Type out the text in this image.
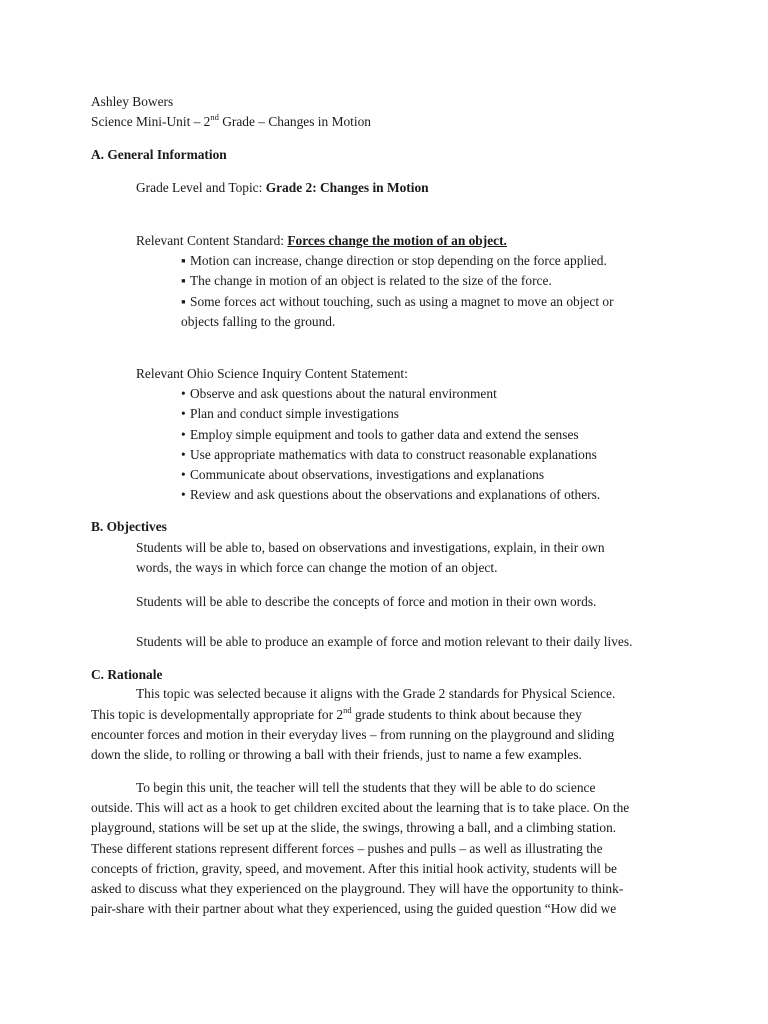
Ashley Bowers
Science Mini-Unit – 2nd Grade – Changes in Motion
A. General Information
Grade Level and Topic: Grade 2: Changes in Motion
Relevant Content Standard: Forces change the motion of an object.
▪ Motion can increase, change direction or stop depending on the force applied.
▪ The change in motion of an object is related to the size of the force.
▪ Some forces act without touching, such as using a magnet to move an object or
objects falling to the ground.
Relevant Ohio Science Inquiry Content Statement:
• Observe and ask questions about the natural environment
• Plan and conduct simple investigations
• Employ simple equipment and tools to gather data and extend the senses
• Use appropriate mathematics with data to construct reasonable explanations
• Communicate about observations, investigations and explanations
• Review and ask questions about the observations and explanations of others.
B. Objectives
Students will be able to, based on observations and investigations, explain, in their own
words, the ways in which force can change the motion of an object.
Students will be able to describe the concepts of force and motion in their own words.
Students will be able to produce an example of force and motion relevant to their daily lives.
C. Rationale
This topic was selected because it aligns with the Grade 2 standards for Physical Science.
This topic is developmentally appropriate for 2nd grade students to think about because they
encounter forces and motion in their everyday lives – from running on the playground and sliding
down the slide, to rolling or throwing a ball with their friends, just to name a few examples.
To begin this unit, the teacher will tell the students that they will be able to do science
outside. This will act as a hook to get children excited about the learning that is to take place. On the
playground, stations will be set up at the slide, the swings, throwing a ball, and a climbing station.
These different stations represent different forces – pushes and pulls – as well as illustrating the
concepts of friction, gravity, speed, and movement. After this initial hook activity, students will be
asked to discuss what they experienced on the playground. They will have the opportunity to think-
pair-share with their partner about what they experienced, using the guided question “How did we
